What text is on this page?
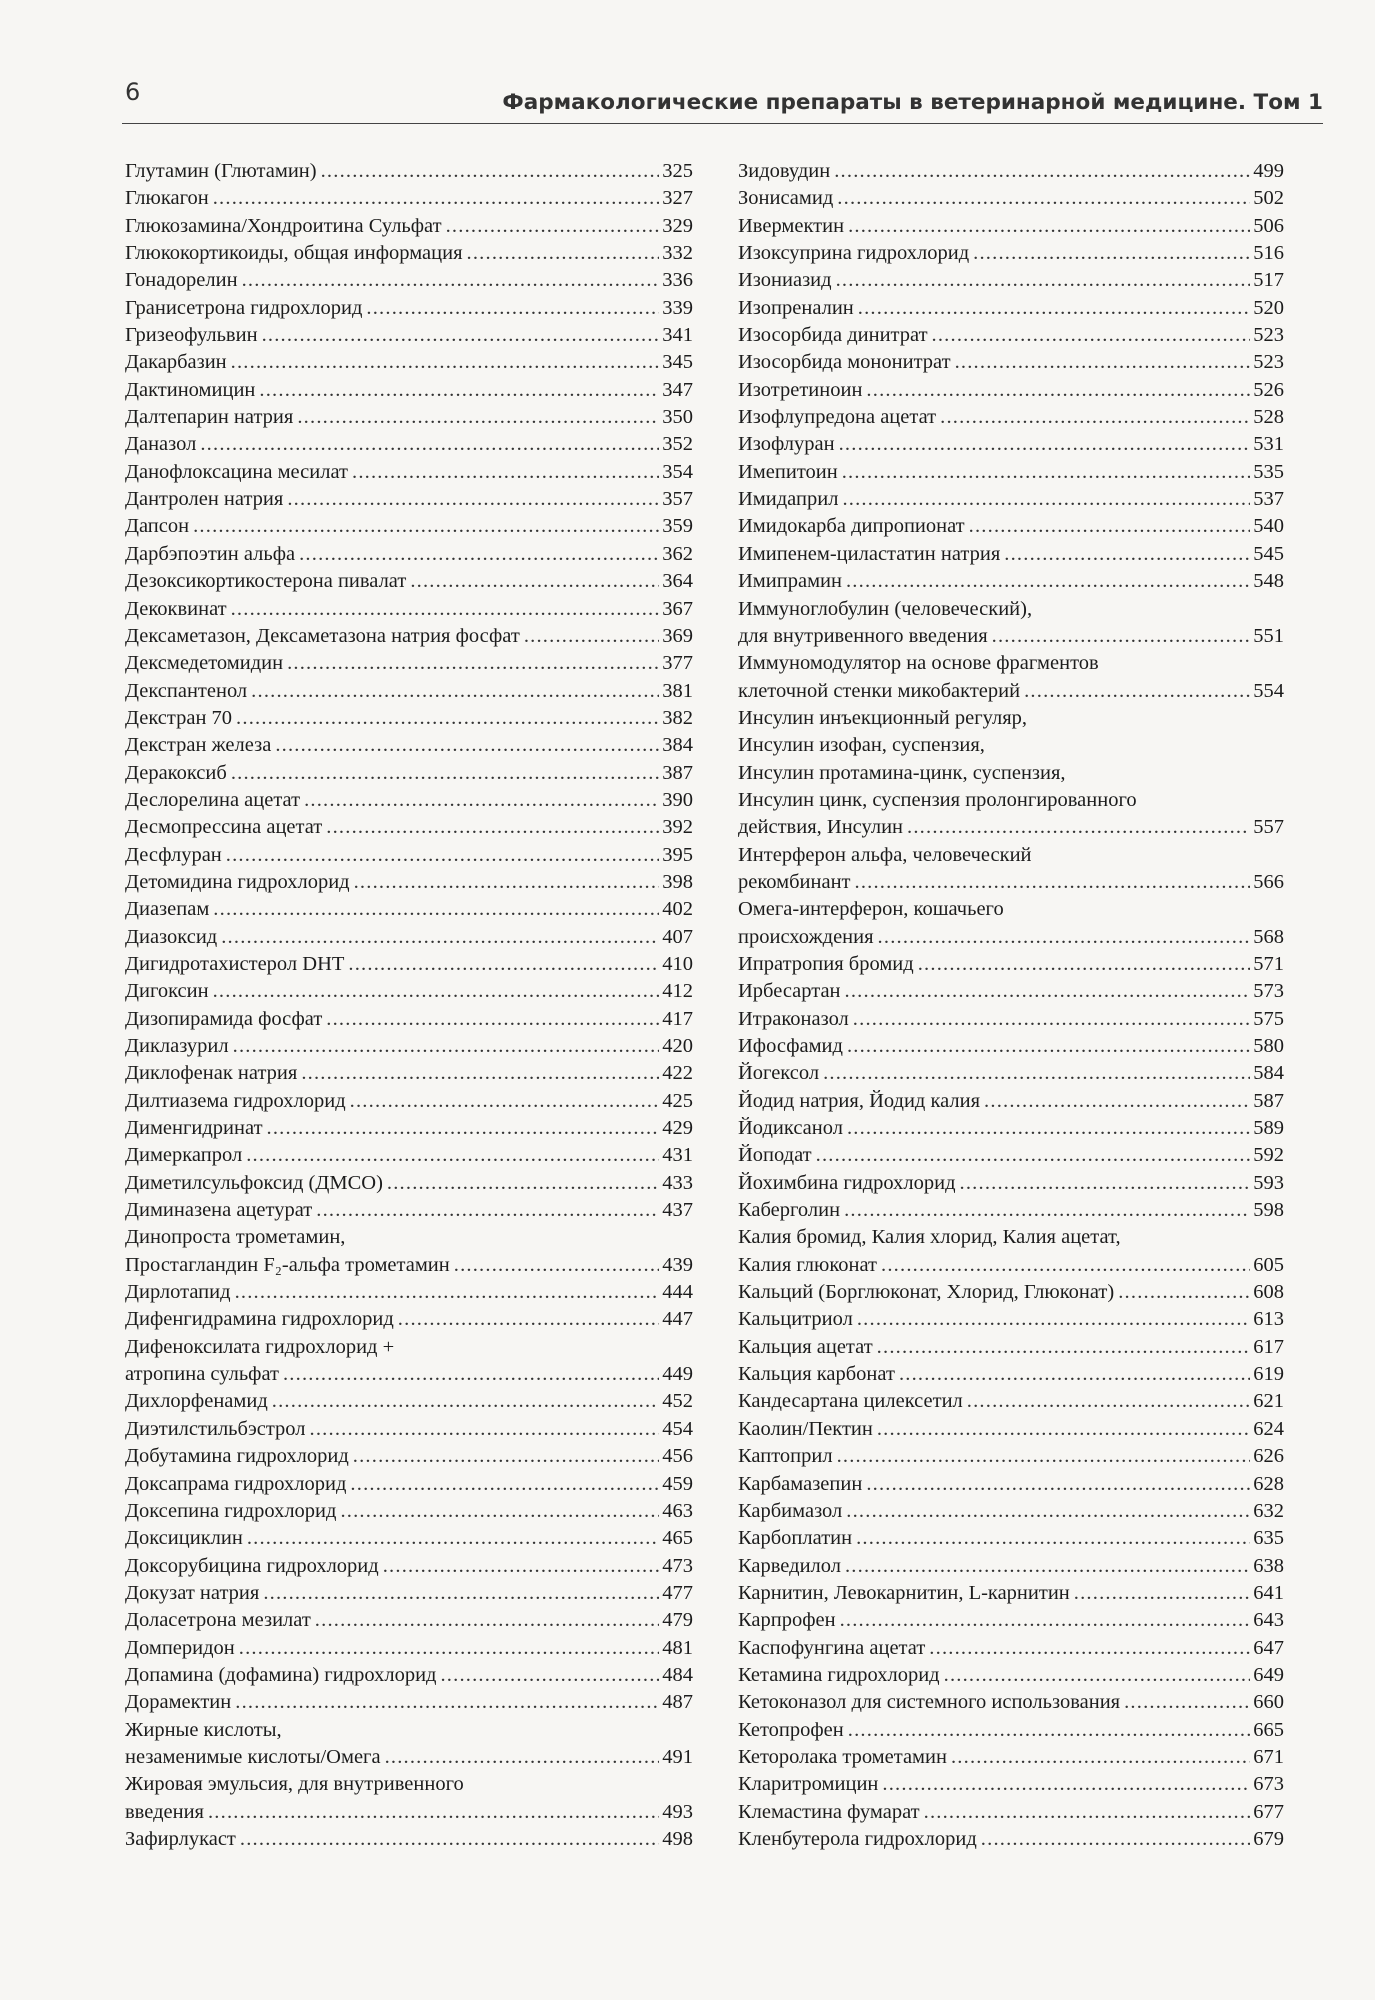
6	Фармакологические препараты в ветеринарной медицине. Том 1
Глутамин (Глютамин) .....	325
Глюкагон .....	327
Глюкозамина/Хондроитина Сульфат .....	329
Глюкокортикоиды, общая информация .....	332
Гонадорелин .....	336
Гранисетрона гидрохлорид .....	339
Гризеофульвин .....	341
Дакарбазин .....	345
Дактиномицин .....	347
Далтепарин натрия .....	350
Даназол .....	352
Данофлоксацина месилат .....	354
Дантролен натрия .....	357
Дапсон .....	359
Дарбэпоэтин альфа .....	362
Дезоксикортикостерона пивалат .....	364
Декоквинат .....	367
Дексаметазон, Дексаметазона натрия фосфат .....	369
Дексмедетомидин .....	377
Декспантенол .....	381
Декстран 70 .....	382
Декстран железа .....	384
Деракоксиб .....	387
Деслорелина ацетат .....	390
Десмопрессина ацетат .....	392
Десфлуран .....	395
Детомидина гидрохлорид .....	398
Диазепам .....	402
Диазоксид .....	407
Дигидротахистерол DHT .....	410
Дигоксин .....	412
Дизопирамида фосфат .....	417
Диклазурил .....	420
Диклофенак натрия .....	422
Дилтиазема гидрохлорид .....	425
Дименгидринат .....	429
Димеркапрол .....	431
Диметилсульфоксид (ДМСО) .....	433
Диминазена ацетурат .....	437
Динопроста трометамин,
Простагландин F₂-альфа трометамин .....	439
Дирлотапид .....	444
Дифенгидрамина гидрохлорид .....	447
Дифеноксилата гидрохлорид +
атропина сульфат .....	449
Дихлорфенамид .....	452
Диэтилстильбэстрол .....	454
Добутамина гидрохлорид .....	456
Доксапрама гидрохлорид .....	459
Доксепина гидрохлорид .....	463
Доксициклин .....	465
Доксорубицина гидрохлорид .....	473
Докузат натрия .....	477
Доласетрона мезилат .....	479
Домперидон .....	481
Допамина (дофамина) гидрохлорид .....	484
Дорамектин .....	487
Жирные кислоты,
незаменимые кислоты/Омега .....	491
Жировая эмульсия, для внутривенного
введения .....	493
Зафирлукаст .....	498
Зидовудин .....	499
Зонисамид .....	502
Ивермектин .....	506
Изоксуприна гидрохлорид .....	516
Изониазид .....	517
Изопреналин .....	520
Изосорбида динитрат .....	523
Изосорбида мононитрат .....	523
Изотретиноин .....	526
Изофлупредона ацетат .....	528
Изофлуран .....	531
Имепитоин .....	535
Имидаприл .....	537
Имидокарба дипропионат .....	540
Имипенем-циластатин натрия .....	545
Имипрамин .....	548
Иммуноглобулин (человеческий),
для внутривенного введения .....	551
Иммуномодулятор на основе фрагментов
клеточной стенки микобактерий .....	554
Инсулин инъекционный регуляр,
Инсулин изофан, суспензия,
Инсулин протамина-цинк, суспензия,
Инсулин цинк, суспензия пролонгированного
действия, Инсулин .....	557
Интерферон альфа, человеческий
рекомбинант .....	566
Омега-интерферон, кошачьего
происхождения .....	568
Ипратропия бромид .....	571
Ирбесартан .....	573
Итраконазол .....	575
Ифосфамид .....	580
Йогексол .....	584
Йодид натрия, Йодид калия .....	587
Йодиксанол .....	589
Йоподат .....	592
Йохимбина гидрохлорид .....	593
Каберголин .....	598
Калия бромид, Калия хлорид, Калия ацетат,
Калия глюконат .....	605
Кальций (Борглюконат, Хлорид, Глюконат) .....	608
Кальцитриол .....	613
Кальция ацетат .....	617
Кальция карбонат .....	619
Кандесартана цилексетил .....	621
Каолин/Пектин .....	624
Каптоприл .....	626
Карбамазепин .....	628
Карбимазол .....	632
Карбоплатин .....	635
Карведилол .....	638
Карнитин, Левокарнитин, L-карнитин .....	641
Карпрофен .....	643
Каспофунгина ацетат .....	647
Кетамина гидрохлорид .....	649
Кетоконазол для системного использования .....	660
Кетопрофен .....	665
Кеторолака трометамин .....	671
Кларитромицин .....	673
Клемастина фумарат .....	677
Кленбутерола гидрохлорид .....	679
